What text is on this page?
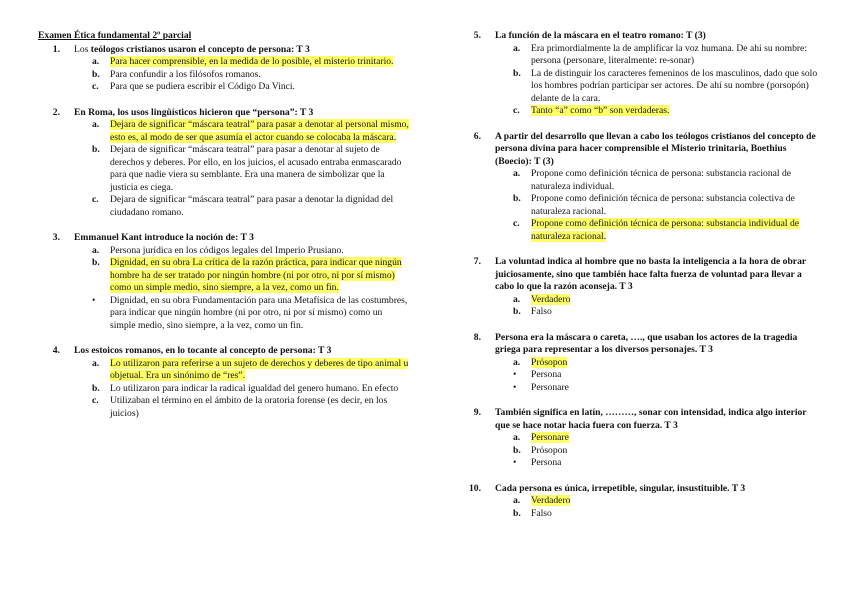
Examen Ética fundamental 2º parcial
1.	Los teólogos cristianos usaron el concepto de persona: T 3
a.	Para hacer comprensible, en la medida de lo posible, el misterio trinitario.
b.	Para confundir a los filósofos romanos.
c.	Para que se pudiera escribir el Código Da Vinci.
2.	En Roma, los usos lingüísticos hicieron que “persona”: T 3
a.	Dejara de significar “máscara teatral” para pasar a denotar al personal mismo, esto es, al modo de ser que asumía el actor cuando se colocaba la máscara.
b.	Dejara de significar “máscara teatral” para pasar a denotar al sujeto de derechos y deberes. Por ello, en los juicios, el acusado entraba enmascarado para que nadie viera su semblante. Era una manera de simbolizar que la justicia es ciega.
c.	Dejara de significar “máscara teatral” para pasar a denotar la dignidad del ciudadano romano.
3.	Emmanuel Kant introduce la noción de: T 3
a.	Persona jurídica en los códigos legales del Imperio Prusiano.
b.	Dignidad, en su obra La crítica de la razón práctica, para indicar que ningún hombre ha de ser tratado por ningún hombre (ni por otro, ni por sí mismo) como un simple medio, sino siempre, a la vez, como un fin.
•	Dignidad, en su obra Fundamentación para una Metafísica de las costumbres, para indicar que ningún hombre (ni por otro, ni por sí mismo) como un simple medio, sino siempre, a la vez, como un fin.
4.	Los estoicos romanos, en lo tocante al concepto de persona: T 3
a.	Lo utilizaron para referirse a un sujeto de derechos y deberes de tipo animal u objetual. Era un sinónimo de “res”.
b.	Lo utilizaron para indicar la radical igualdad del genero humano. En efecto
c.	Utilizaban el término en el ámbito de la oratoria forense (es decir, en los juicios)
5.	La función de la máscara en el teatro romano: T (3)
a.	Era primordialmente la de amplificar la voz humana. De ahí su nombre: persona (personare, literalmente: re-sonar)
b.	La de distinguir los caracteres femeninos de los masculinos, dado que solo los hombres podrían participar ser actores. De ahí su nombre (porsopón) delante de la cara.
c.	Tanto “a” como “b” son verdaderas.
6.	A partir del desarrollo que llevan a cabo los teólogos cristianos del concepto de persona divina para hacer comprensible el Misterio trinitaria, Boethius (Boecio): T (3)
a.	Propone como definición técnica de persona: substancia racional de naturaleza individual.
b.	Propone como definición técnica de persona: substancia colectiva de naturaleza racional.
c.	Propone como definición técnica de persona: substancia individual de naturaleza racional.
7.	La voluntad indica al hombre que no basta la inteligencia a la hora de obrar juiciosamente, sino que también hace falta fuerza de voluntad para llevar a cabo lo que la razón aconseja. T 3
a.	Verdadero
b.	Falso
8.	Persona era la máscara o careta, …., que usaban los actores de la tragedia griega para representar a los diversos personajes. T 3
a.	Prósopon
•	Persona
•	Personare
9.	También significa en latín, ………, sonar con intensidad, indica algo interior que se hace notar hacia fuera con fuerza. T 3
a.	Personare
b.	Prósopon
•	Persona
10.	Cada persona es única, irrepetible, singular, insustituible. T 3
a.	Verdadero
b.	Falso
